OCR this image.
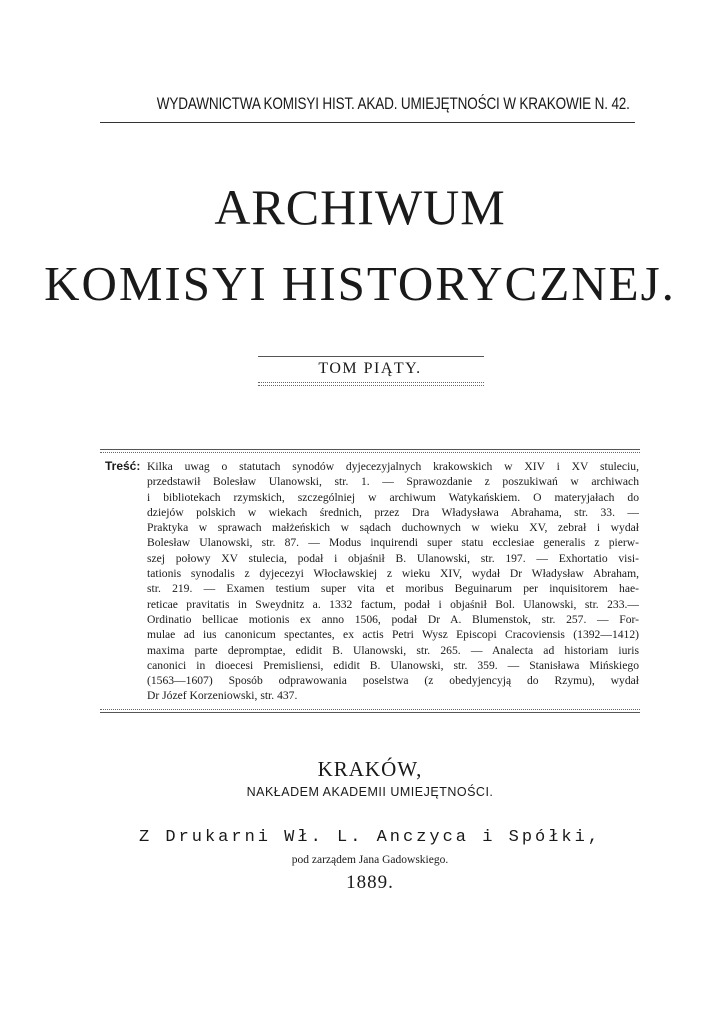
WYDAWNICTWA KOMISYI HIST. AKAD. UMIEJĘTNOŚCI W KRAKOWIE N. 42.
ARCHIWUM
KOMISYI HISTORYCZNEJ.
TOM PIĄTY.
Treść: Kilka uwag o statutach synodów dyjecezyjalnych krakowskich w XIV i XV stuleciu,
przedstawił Bolesław Ulanowski, str. 1. — Sprawozdanie z poszukiwań w archiwach
i bibliotekach rzymskich, szczególniej w archiwum Watykańskiem. O materyjałach do
dziejów polskich w wiekach średnich, przez Dra Władysława Abrahama, str. 33. —
Praktyka w sprawach małżeńskich w sądach duchownych w wieku XV, zebrał i wydał
Bolesław Ulanowski, str. 87. — Modus inquirendi super statu ecclesiae generalis z pierw-
szej połowy XV stulecia, podał i objaśnił B. Ulanowski, str. 197. — Exhortatio visi-
tationis synodalis z dyjecezyi Włocławskiej z wieku XIV, wydał Dr Władysław Abraham,
str. 219. — Examen testium super vita et moribus Beguinarum per inquisitorem hae-
reticae pravitatis in Sweydnitz a. 1332 factum, podał i objaśnił Bol. Ulanowski, str. 233.—
Ordinatio bellicae motionis ex anno 1506, podał Dr A. Blumenstok, str. 257. — For-
mulae ad ius canonicum spectantes, ex actis Petri Wysz Episcopi Cracoviensis (1392—1412)
maxima parte depromptae, edidit B. Ulanowski, str. 265. — Analecta ad historiam iuris
canonici in dioecesi Premisliensi, edidit B. Ulanowski, str. 359. — Stanisława Mińskiego
(1563—1607) Sposób odprawowania poselstwa (z obedyjencyją do Rzymu), wydał
Dr Józef Korzeniowski, str. 437.
KRAKÓW,
NAKŁADEM AKADEMII UMIEJĘTNOŚCI.
Z Drukarni Wł. L. Anczyca i Spółki,
pod zarządem Jana Gadowskiego.
1889.
